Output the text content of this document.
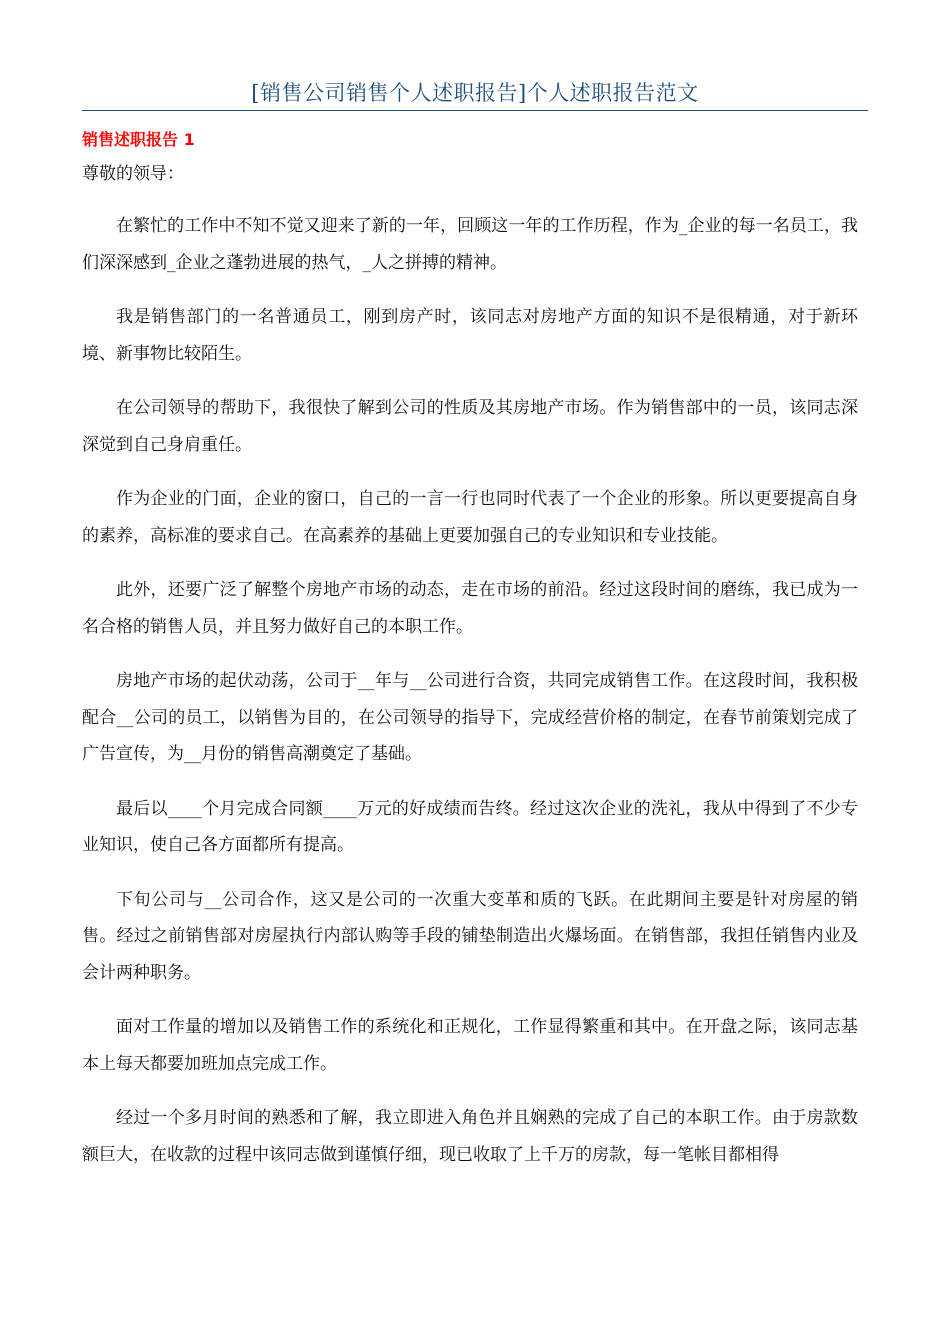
[销售公司销售个人述职报告]个人述职报告范文
销售述职报告 1

尊敬的领导：

在繁忙的工作中不知不觉又迎来了新的一年，回顾这一年的工作历程，作为_企业的每一名员工，我们深深感到_企业之蓬勃进展的热气，_人之拼搏的精神。

我是销售部门的一名普通员工，刚到房产时，该同志对房地产方面的知识不是很精通，对于新环境、新事物比较陌生。

在公司领导的帮助下，我很快了解到公司的性质及其房地产市场。作为销售部中的一员，该同志深深觉到自己身肩重任。

作为企业的门面，企业的窗口，自己的一言一行也同时代表了一个企业的形象。所以更要提高自身的素养，高标准的要求自己。在高素养的基础上更要加强自己的专业知识和专业技能。

此外，还要广泛了解整个房地产市场的动态，走在市场的前沿。经过这段时间的磨练，我已成为一名合格的销售人员，并且努力做好自己的本职工作。

房地产市场的起伏动荡，公司于__年与__公司进行合资，共同完成销售工作。在这段时间，我积极配合__公司的员工，以销售为目的，在公司领导的指导下，完成经营价格的制定，在春节前策划完成了广告宣传，为__月份的销售高潮奠定了基础。

最后以____个月完成合同额____万元的好成绩而告终。经过这次企业的洗礼，我从中得到了不少专业知识，使自己各方面都所有提高。

下旬公司与__公司合作，这又是公司的一次重大变革和质的飞跃。在此期间主要是针对房屋的销售。经过之前销售部对房屋执行内部认购等手段的铺垫制造出火爆场面。在销售部，我担任销售内业及会计两种职务。

面对工作量的增加以及销售工作的系统化和正规化，工作显得繁重和其中。在开盘之际，该同志基本上每天都要加班加点完成工作。

经过一个多月时间的熟悉和了解，我立即进入角色并且娴熟的完成了自己的本职工作。由于房款数额巨大，在收款的过程中该同志做到谨慎仔细，现已收取了上千万的房款，每一笔帐目都相得
